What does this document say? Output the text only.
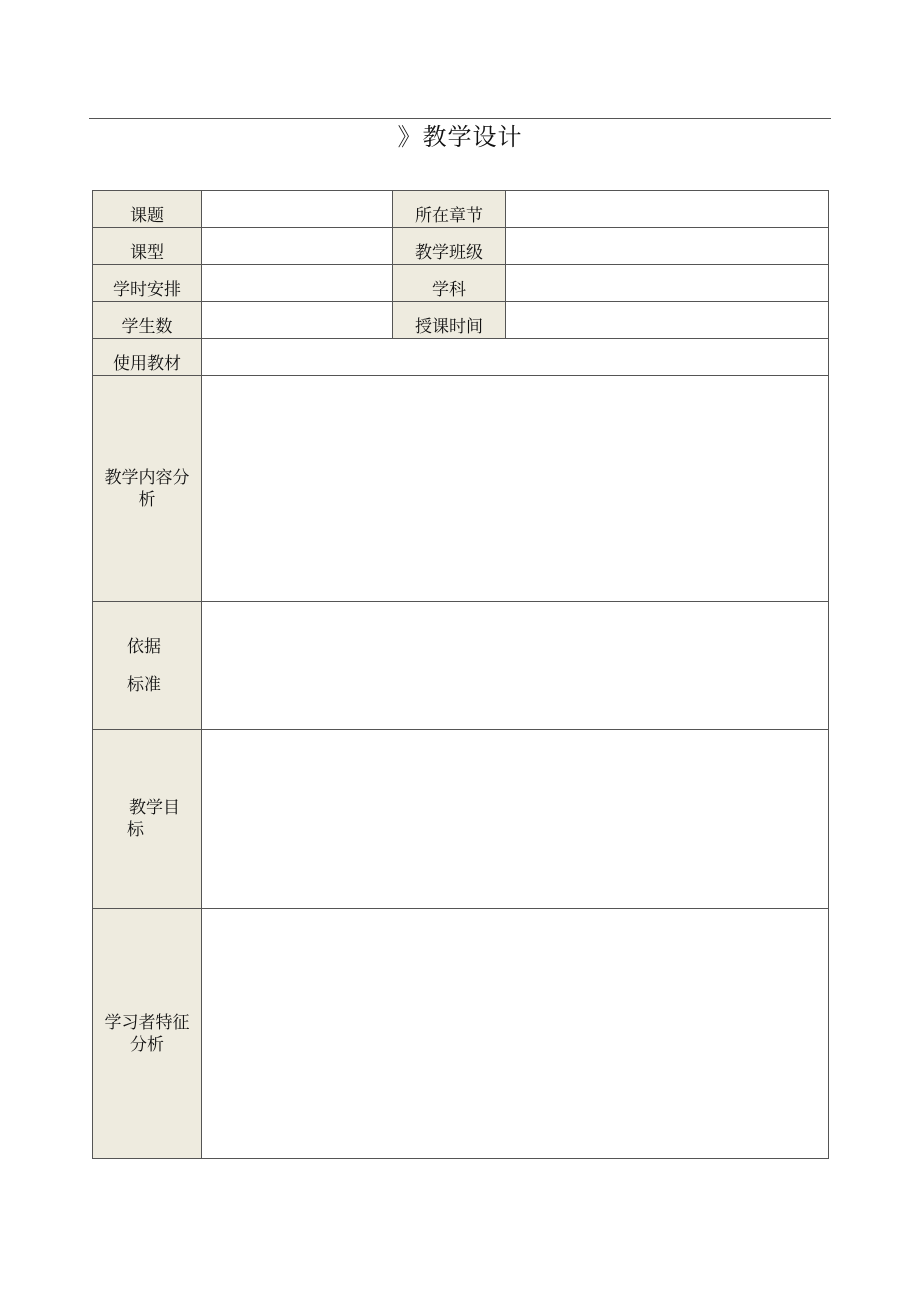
》教学设计
课题		所在章节	
课型		教学班级	
学时安排		学科	
学生数		授课时间	
使用教材			

教学内容分
析			

依据
标准			

教学目
标			

学习者特征
分析			
